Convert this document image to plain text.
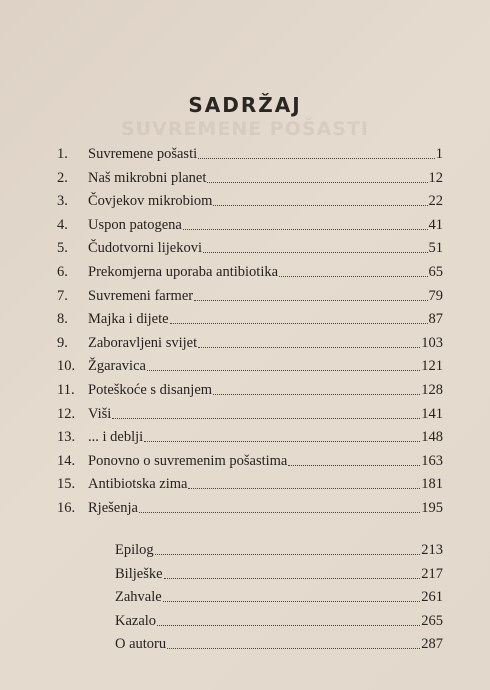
SUVREMENE POŠASTI
SADRŽAJ
1.	Suvremene pošasti	1
2.	Naš mikrobni planet	12
3.	Čovjekov mikrobiom	22
4.	Uspon patogena	41
5.	Čudotvorni lijekovi	51
6.	Prekomjerna uporaba antibiotika	65
7.	Suvremeni farmer	79
8.	Majka i dijete	87
9.	Zaboravljeni svijet	103
10. Žgaravica	121
11. Poteškoće s disanjem	128
12. Viši	141
13. ... i deblji	148
14. Ponovno o suvremenim pošastima	163
15. Antibiotska zima	181
16. Rješenja	195
Epilog	213
Bilješke	217
Zahvale	261
Kazalo	265
O autoru	287
